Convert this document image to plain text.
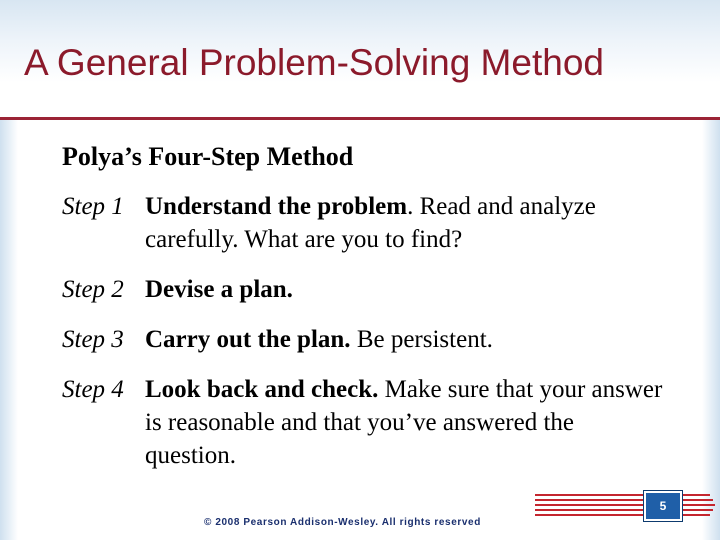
A General Problem-Solving Method
Polya’s Four-Step Method
Step 1 Understand the problem. Read and analyze carefully. What are you to find?
Step 2 Devise a plan.
Step 3 Carry out the plan. Be persistent.
Step 4 Look back and check. Make sure that your answer is reasonable and that you’ve answered the question.
5
© 2008 Pearson Addison-Wesley. All rights reserved
